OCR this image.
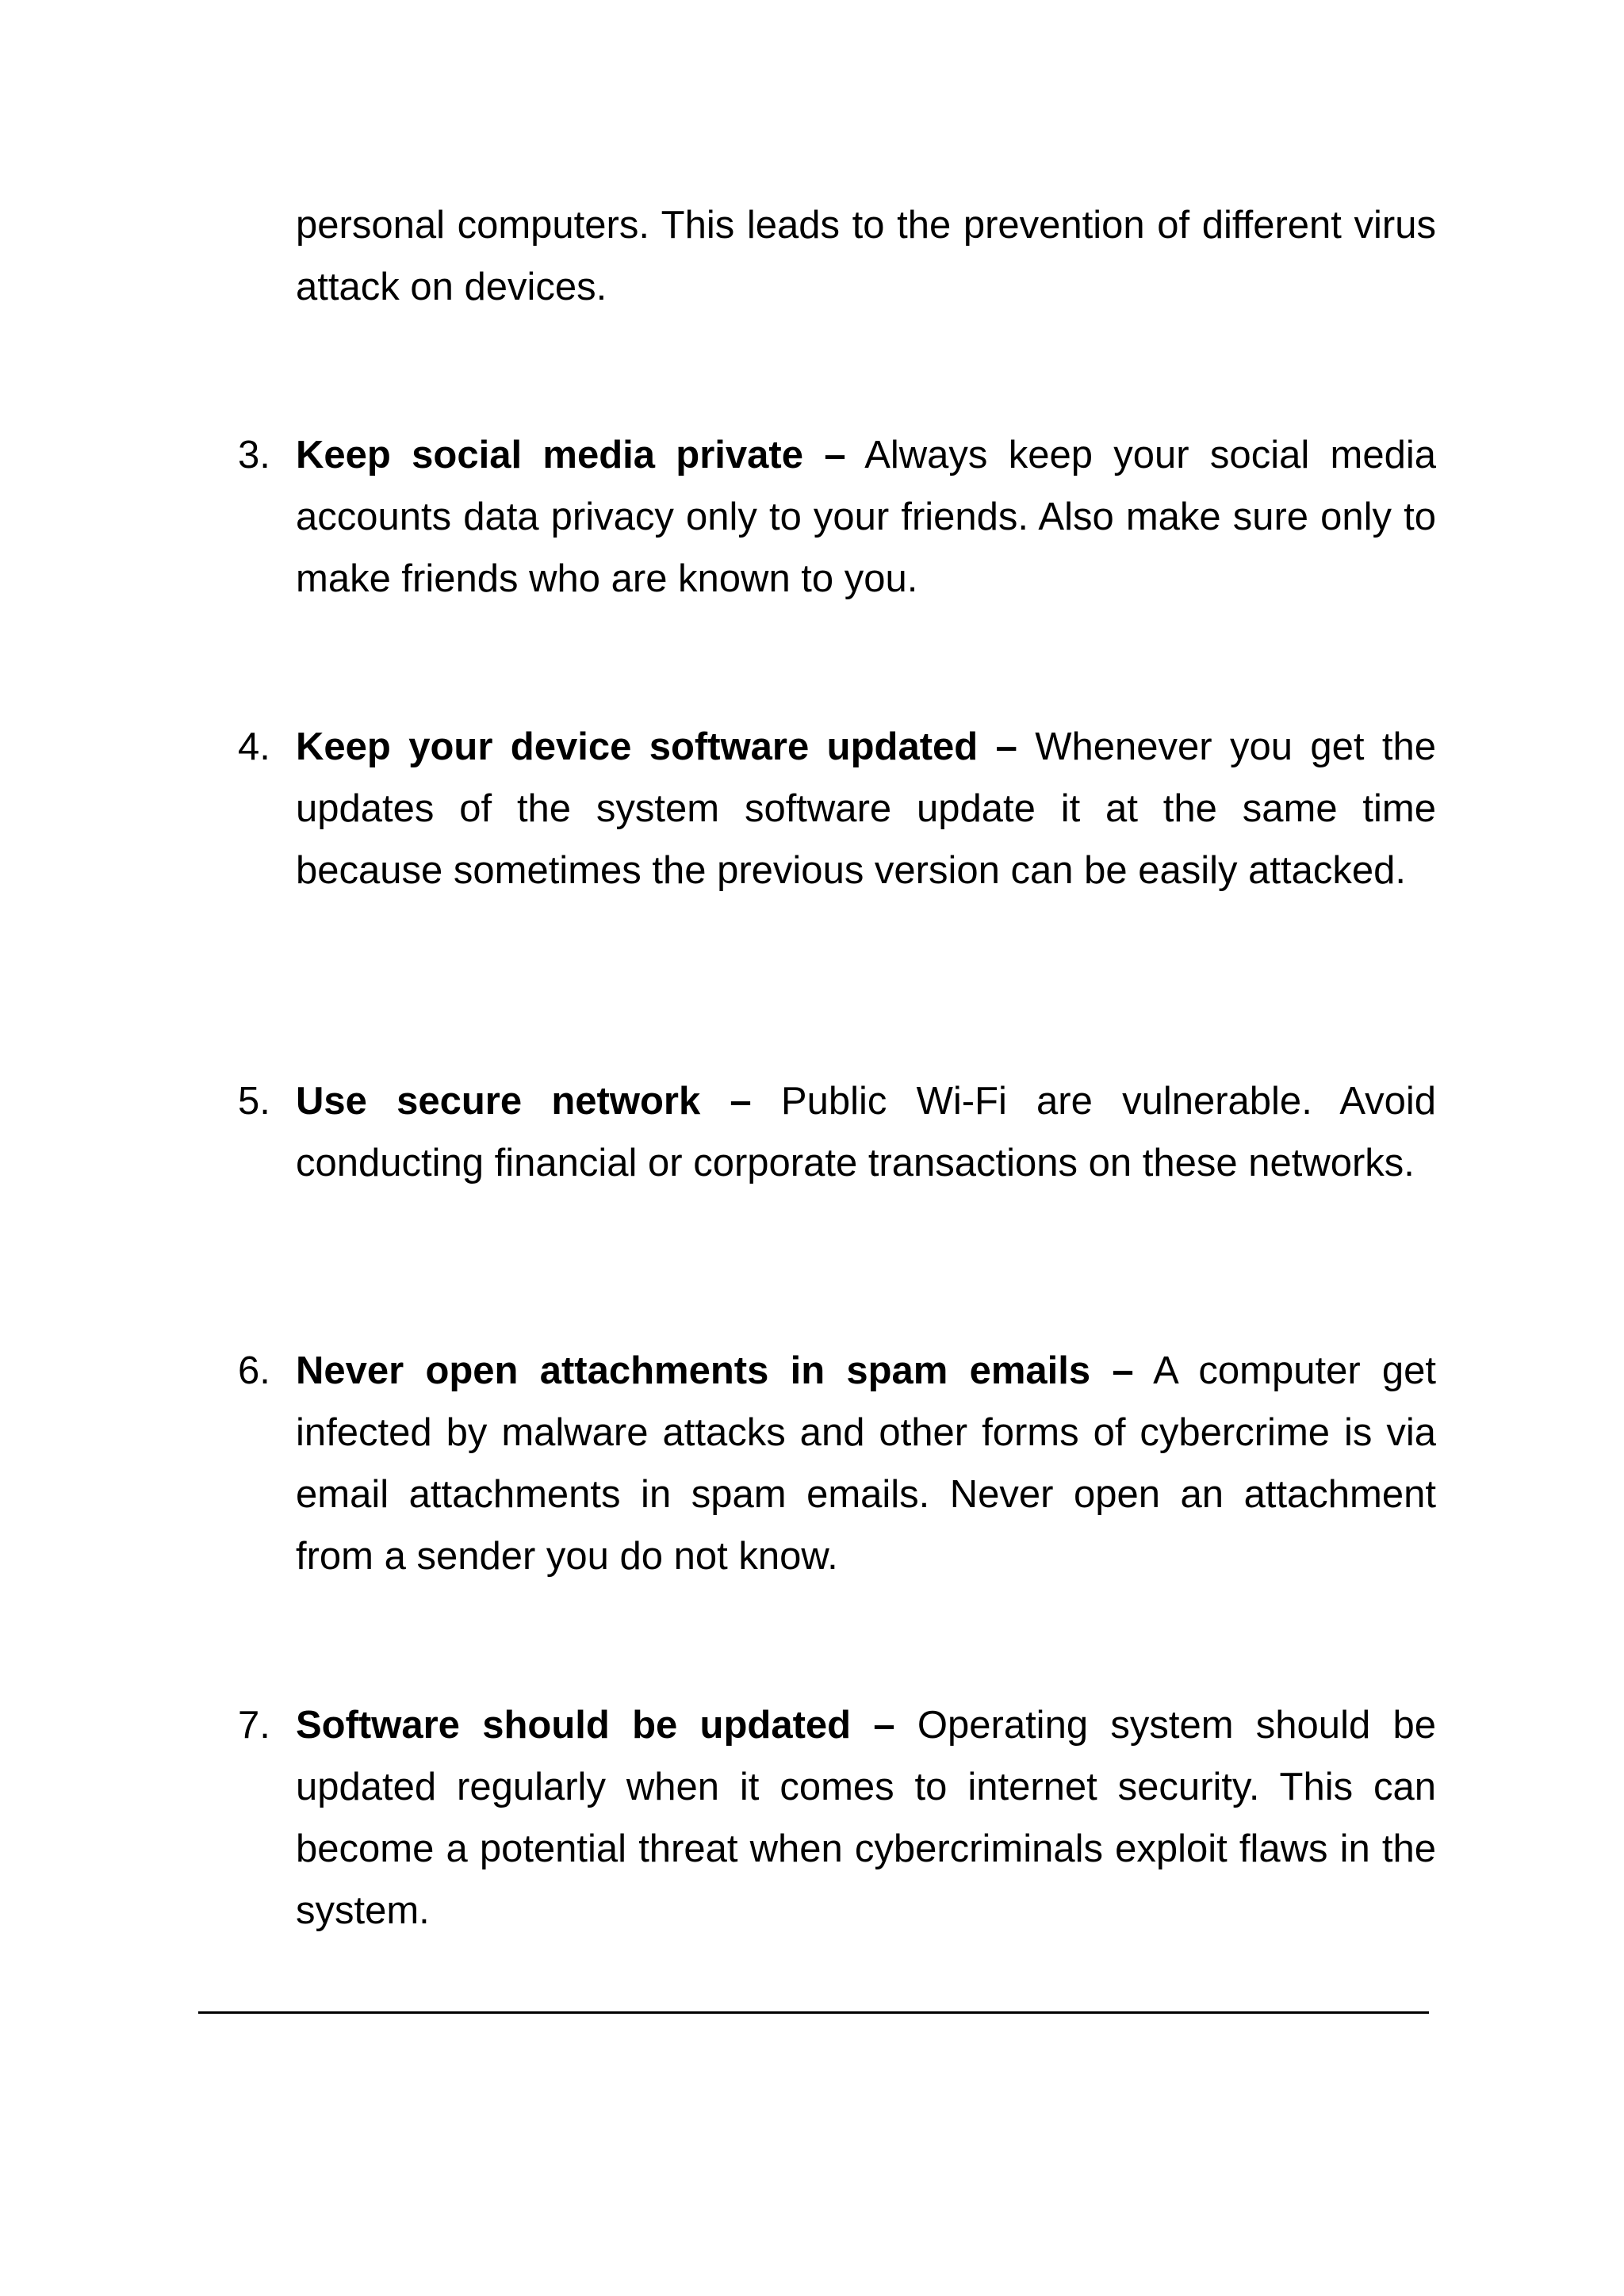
personal computers. This leads to the prevention of different virus attack on devices.

3. Keep social media private – Always keep your social media accounts data privacy only to your friends. Also make sure only to make friends who are known to you.
4. Keep your device software updated – Whenever you get the updates of the system software update it at the same time because sometimes the previous version can be easily attacked.
5. Use secure network – Public Wi-Fi are vulnerable. Avoid conducting financial or corporate transactions on these networks.
6. Never open attachments in spam emails – A computer get infected by malware attacks and other forms of cybercrime is via email attachments in spam emails. Never open an attachment from a sender you do not know.
7. Software should be updated – Operating system should be updated regularly when it comes to internet security. This can become a potential threat when cybercriminals exploit flaws in the system.
